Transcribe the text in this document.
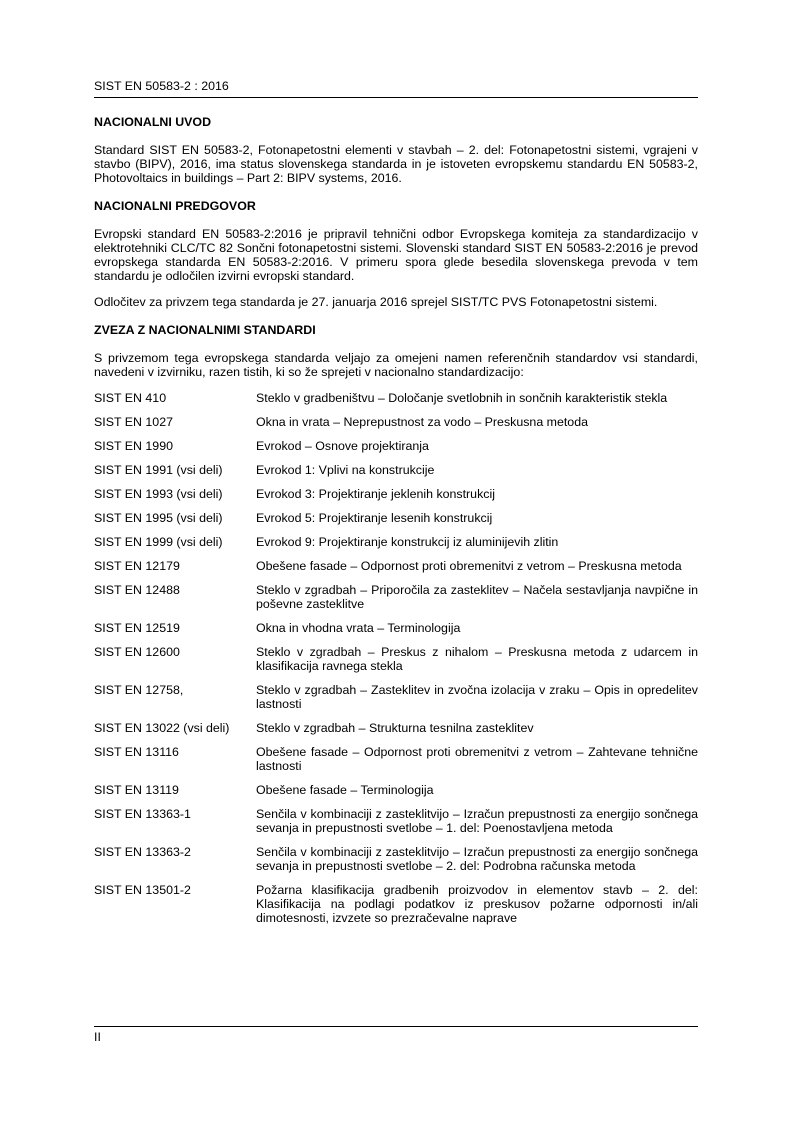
SIST EN 50583-2 : 2016

NACIONALNI UVOD

Standard SIST EN 50583-2, Fotonapetostni elementi v stavbah – 2. del: Fotonapetostni sistemi, vgrajeni v stavbo (BIPV), 2016, ima status slovenskega standarda in je istoveten evropskemu standardu EN 50583-2, Photovoltaics in buildings – Part 2: BIPV systems, 2016.

NACIONALNI PREDGOVOR

Evropski standard EN 50583-2:2016 je pripravil tehnični odbor Evropskega komiteja za standardizacijo v elektrotehniki CLC/TC 82 Sončni fotonapetostni sistemi. Slovenski standard SIST EN 50583-2:2016 je prevod evropskega standarda EN 50583-2:2016. V primeru spora glede besedila slovenskega prevoda v tem standardu je odločilen izvirni evropski standard.

Odločitev za privzem tega standarda je 27. januarja 2016 sprejel SIST/TC PVS Fotonapetostni sistemi.

ZVEZA Z NACIONALNIMI STANDARDI

S privzemom tega evropskega standarda veljajo za omejeni namen referenčnih standardov vsi standardi, navedeni v izvirniku, razen tistih, ki so že sprejeti v nacionalno standardizacijo:

SIST EN 410	Steklo v gradbeništvu – Določanje svetlobnih in sončnih karakteristik stekla
SIST EN 1027	Okna in vrata – Neprepustnost za vodo – Preskusna metoda
SIST EN 1990	Evrokod – Osnove projektiranja
SIST EN 1991 (vsi deli)	Evrokod 1: Vplivi na konstrukcije
SIST EN 1993 (vsi deli)	Evrokod 3: Projektiranje jeklenih konstrukcij
SIST EN 1995 (vsi deli)	Evrokod 5: Projektiranje lesenih konstrukcij
SIST EN 1999 (vsi deli)	Evrokod 9: Projektiranje konstrukcij iz aluminijevih zlitin
SIST EN 12179	Obešene fasade – Odpornost proti obremenitvi z vetrom – Preskusna metoda
SIST EN 12488	Steklo v zgradbah – Priporočila za zasteklitev – Načela sestavljanja navpične in poševne zasteklitve
SIST EN 12519	Okna in vhodna vrata – Terminologija
SIST EN 12600	Steklo v zgradbah – Preskus z nihalom – Preskusna metoda z udarcem in klasifikacija ravnega stekla
SIST EN 12758,	Steklo v zgradbah – Zasteklitev in zvočna izolacija v zraku – Opis in opredelitev lastnosti
SIST EN 13022 (vsi deli)	Steklo v zgradbah – Strukturna tesnilna zasteklitev
SIST EN 13116	Obešene fasade – Odpornost proti obremenitvi z vetrom – Zahtevane tehnične lastnosti
SIST EN 13119	Obešene fasade – Terminologija
SIST EN 13363-1	Senčila v kombinaciji z zasteklitvijo – Izračun prepustnosti za energijo sončnega sevanja in prepustnosti svetlobe – 1. del: Poenostavljena metoda
SIST EN 13363-2	Senčila v kombinaciji z zasteklitvijo – Izračun prepustnosti za energijo sončnega sevanja in prepustnosti svetlobe – 2. del: Podrobna računska metoda
SIST EN 13501-2	Požarna klasifikacija gradbenih proizvodov in elementov stavb – 2. del: Klasifikacija na podlagi podatkov iz preskusov požarne odpornosti in/ali dimotesnosti, izvzete so prezračevalne naprave
II
